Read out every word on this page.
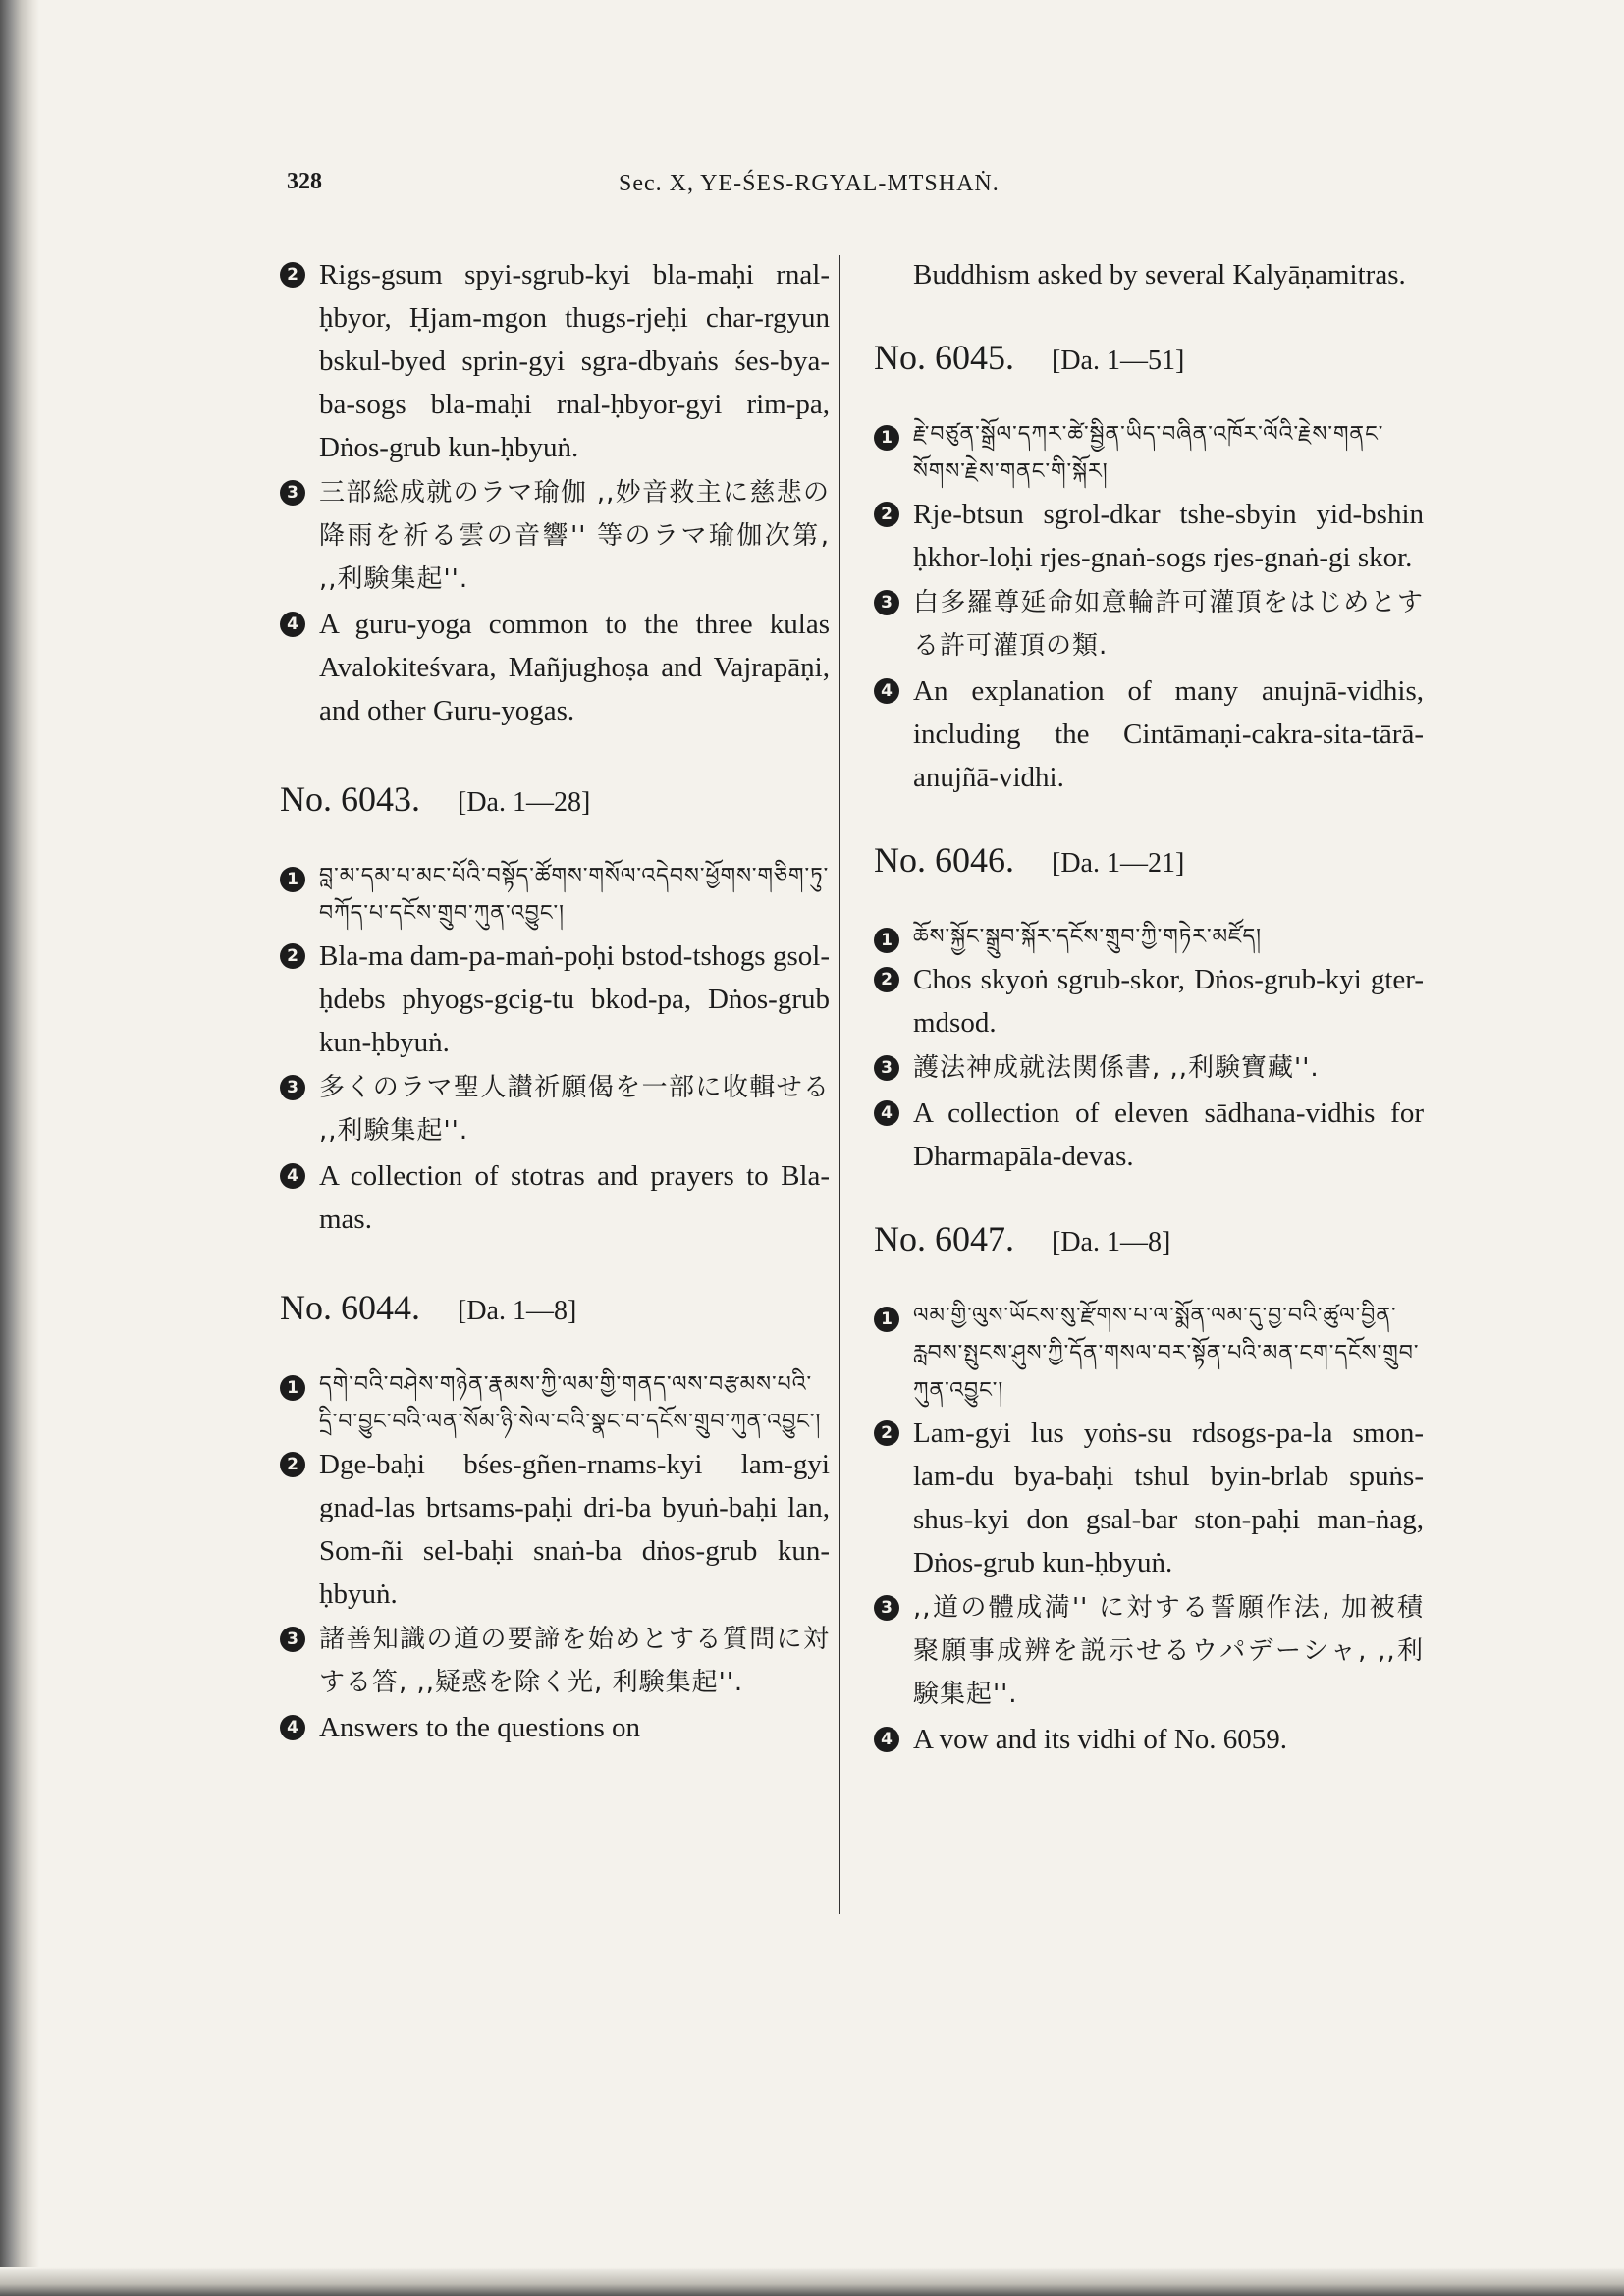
328	Sec. X, YE-ŚES-RGYAL-MTSHAṄ.
2 Rigs-gsum spyi-sgrub-kyi bla-maḥi rnal-ḥbyor, Ḥjam-mgon thugs-rjeḥi char-rgyun bskul-byed sprin-gyi sgra-dbyaṅs śes-bya-ba-sogs bla-maḥi rnal-ḥbyor-gyi rim-pa, Dṅos-grub kun-ḥbyuṅ.
3 三部総成就のラマ瑜伽 ,,妙音救主に慈悲の降雨を祈る雲の音響'' 等のラマ瑜伽次第, ,,利験集起''.
4 A guru-yoga common to the three kulas Avalokiteśvara, Mañjughoṣa and Vajrapāṇi, and other Guru-yogas.
No. 6043. [Da. 1—28]
1 བླ་མ་དམ་པ་མང་པོའི་བསྟོད་ཚོགས་གསོལ་འདེབས་ཕྱོགས་གཅིག་ཏུ་བཀོད་པ་དངོས་གྲུབ་ཀུན་འབྱུང་།
2 Bla-ma dam-pa-maṅ-poḥi bstod-tshogs gsol-ḥdebs phyogs-gcig-tu bkod-pa, Dṅos-grub kun-ḥbyuṅ.
3 多くのラマ聖人讃祈願偈を一部に收輯せる ,,利験集起''.
4 A collection of stotras and prayers to Bla-mas.
No. 6044. [Da. 1—8]
1 དགེ་བའི་བཤེས་གཉེན་རྣམས་ཀྱི་ལམ་གྱི་གནད་ལས་བརྩམས་པའི་དྲི་བ་བྱུང་བའི་ལན་སོམ་ཉི་སེལ་བའི་སྣང་བ་དངོས་གྲུབ་ཀུན་འབྱུང་།
2 Dge-baḥi bśes-gñen-rnams-kyi lam-gyi gnad-las brtsams-paḥi dri-ba byuṅ-baḥi lan, Som-ñi sel-baḥi snaṅ-ba dṅos-grub kun-ḥbyuṅ.
3 諸善知識の道の要諦を始めとする質問に対する答, ,,疑惑を除く光, 利験集起''.
4 Answers to the questions on
Buddhism asked by several Kalyāṇamitras.
No. 6045. [Da. 1—51]
1 རྗེ་བཙུན་སྒྲོལ་དཀར་ཚེ་སྦྱིན་ཡིད་བཞིན་འཁོར་ལོའི་རྗེས་གནང་སོགས་རྗེས་གནང་གི་སྐོར།
2 Rje-btsun sgrol-dkar tshe-sbyin yid-bshin ḥkhor-loḥi rjes-gnaṅ-sogs rjes-gnaṅ-gi skor.
3 白多羅尊延命如意輪許可灌頂をはじめとする許可灌頂の類.
4 An explanation of many anujnā-vidhis, including the Cintāmaṇi-cakra-sita-tārā-anujñā-vidhi.
No. 6046. [Da. 1—21]
1 ཆོས་སྐྱོང་སྒྲུབ་སྐོར་དངོས་གྲུབ་ཀྱི་གཏེར་མཛོད།
2 Chos skyoṅ sgrub-skor, Dṅos-grub-kyi gter-mdsod.
3 護法神成就法関係書, ,,利験寶藏''.
4 A collection of eleven sādhana-vidhis for Dharmapāla-devas.
No. 6047. [Da. 1—8]
1 ལམ་གྱི་ལུས་ཡོངས་སུ་རྫོགས་པ་ལ་སྨོན་ལམ་དུ་བྱ་བའི་ཚུལ་བྱིན་རླབས་སྤུངས་ཤུས་ཀྱི་དོན་གསལ་བར་སྟོན་པའི་མན་ངག་དངོས་གྲུབ་ཀུན་འབྱུང་།
2 Lam-gyi lus yoṅs-su rdsogs-pa-la smon-lam-du bya-baḥi tshul byin-brlab spuṅs-shus-kyi don gsal-bar ston-paḥi man-ṅag, Dṅos-grub kun-ḥbyuṅ.
3 ,,道の體成満'' に対する誓願作法, 加被積聚願事成辨を説示せるウパデーシャ, ,,利験集起''.
4 A vow and its vidhi of No. 6059.
